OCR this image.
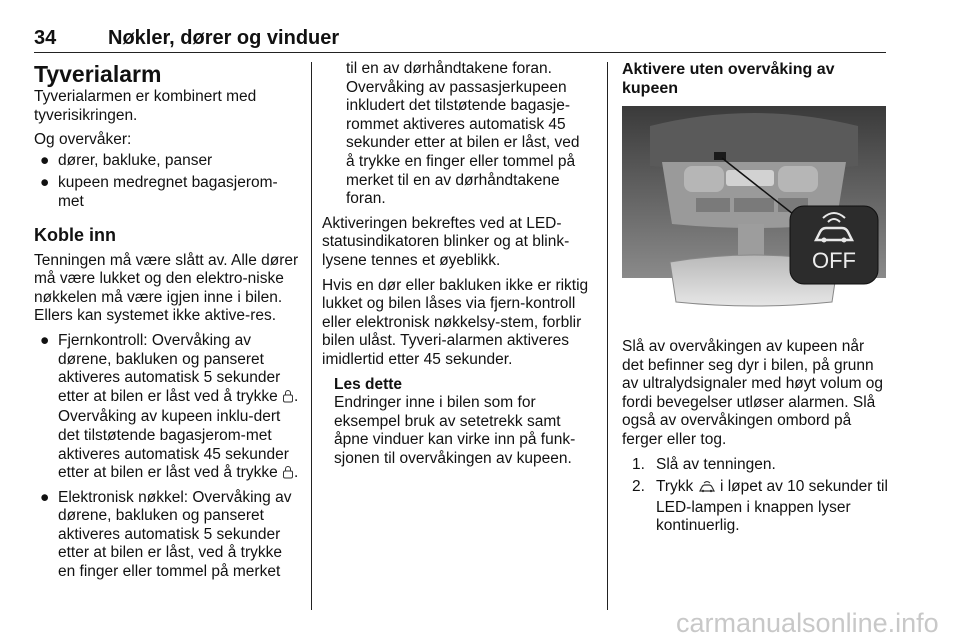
34	Nøkler, dører og vinduer
Tyverialarm

Tyverialarmen er kombinert med tyverisikringen.

Og overvåker:

● dører, bakluke, panser
● kupeen medregnet bagasjerom-met
Koble inn

Tenningen må være slått av. Alle dører må være lukket og den elektro-niske nøkkelen må være igjen inne i bilen. Ellers kan systemet ikke aktive-res.

● Fjernkontroll: Overvåking av dørene, bakluken og panseret aktiveres automatisk 5 sekunder etter at bilen er låst ved å trykke . Overvåking av kupeen inklu-dert det tilstøtende bagasjerom-met aktiveres automatisk 45 sekunder etter at bilen er låst ved å trykke .
● Elektronisk nøkkel: Overvåking av dørene, bakluken og panseret aktiveres automatisk 5 sekunder etter at bilen er låst, ved å trykke en finger eller tommel på merket

til en av dørhåndtakene foran. Overvåking av passasjerkupeen inkludert det tilstøtende bagasje-rommet aktiveres automatisk 45 sekunder etter at bilen er låst, ved å trykke en finger eller tommel på merket til en av dørhåndtakene foran.

Aktiveringen bekreftes ved at LED-statusindikatoren blinker og at blink-lysene tennes et øyeblikk.

Hvis en dør eller bakluken ikke er riktig lukket og bilen låses via fjern-kontroll eller elektronisk nøkkelsy-stem, forblir bilen ulåst. Tyveri-alarmen aktiveres imidlertid etter 45 sekunder.

Les dette
Endringer inne i bilen som for eksempel bruk av setetrekk samt åpne vinduer kan virke inn på funk-sjonen til overvåkingen av kupeen.
Aktivere uten overvåking av kupeen
OFF

Slå av overvåkingen av kupeen når det befinner seg dyr i bilen, på grunn av ultralydsignaler med høyt volum og fordi bevegelser utløser alarmen. Slå også av overvåkingen ombord på ferger eller tog.

1. Slå av tenningen.
2. Trykk i løpet av 10 sekunder til LED-lampen i knappen lyser kontinuerlig.
carmanualsonline.info
